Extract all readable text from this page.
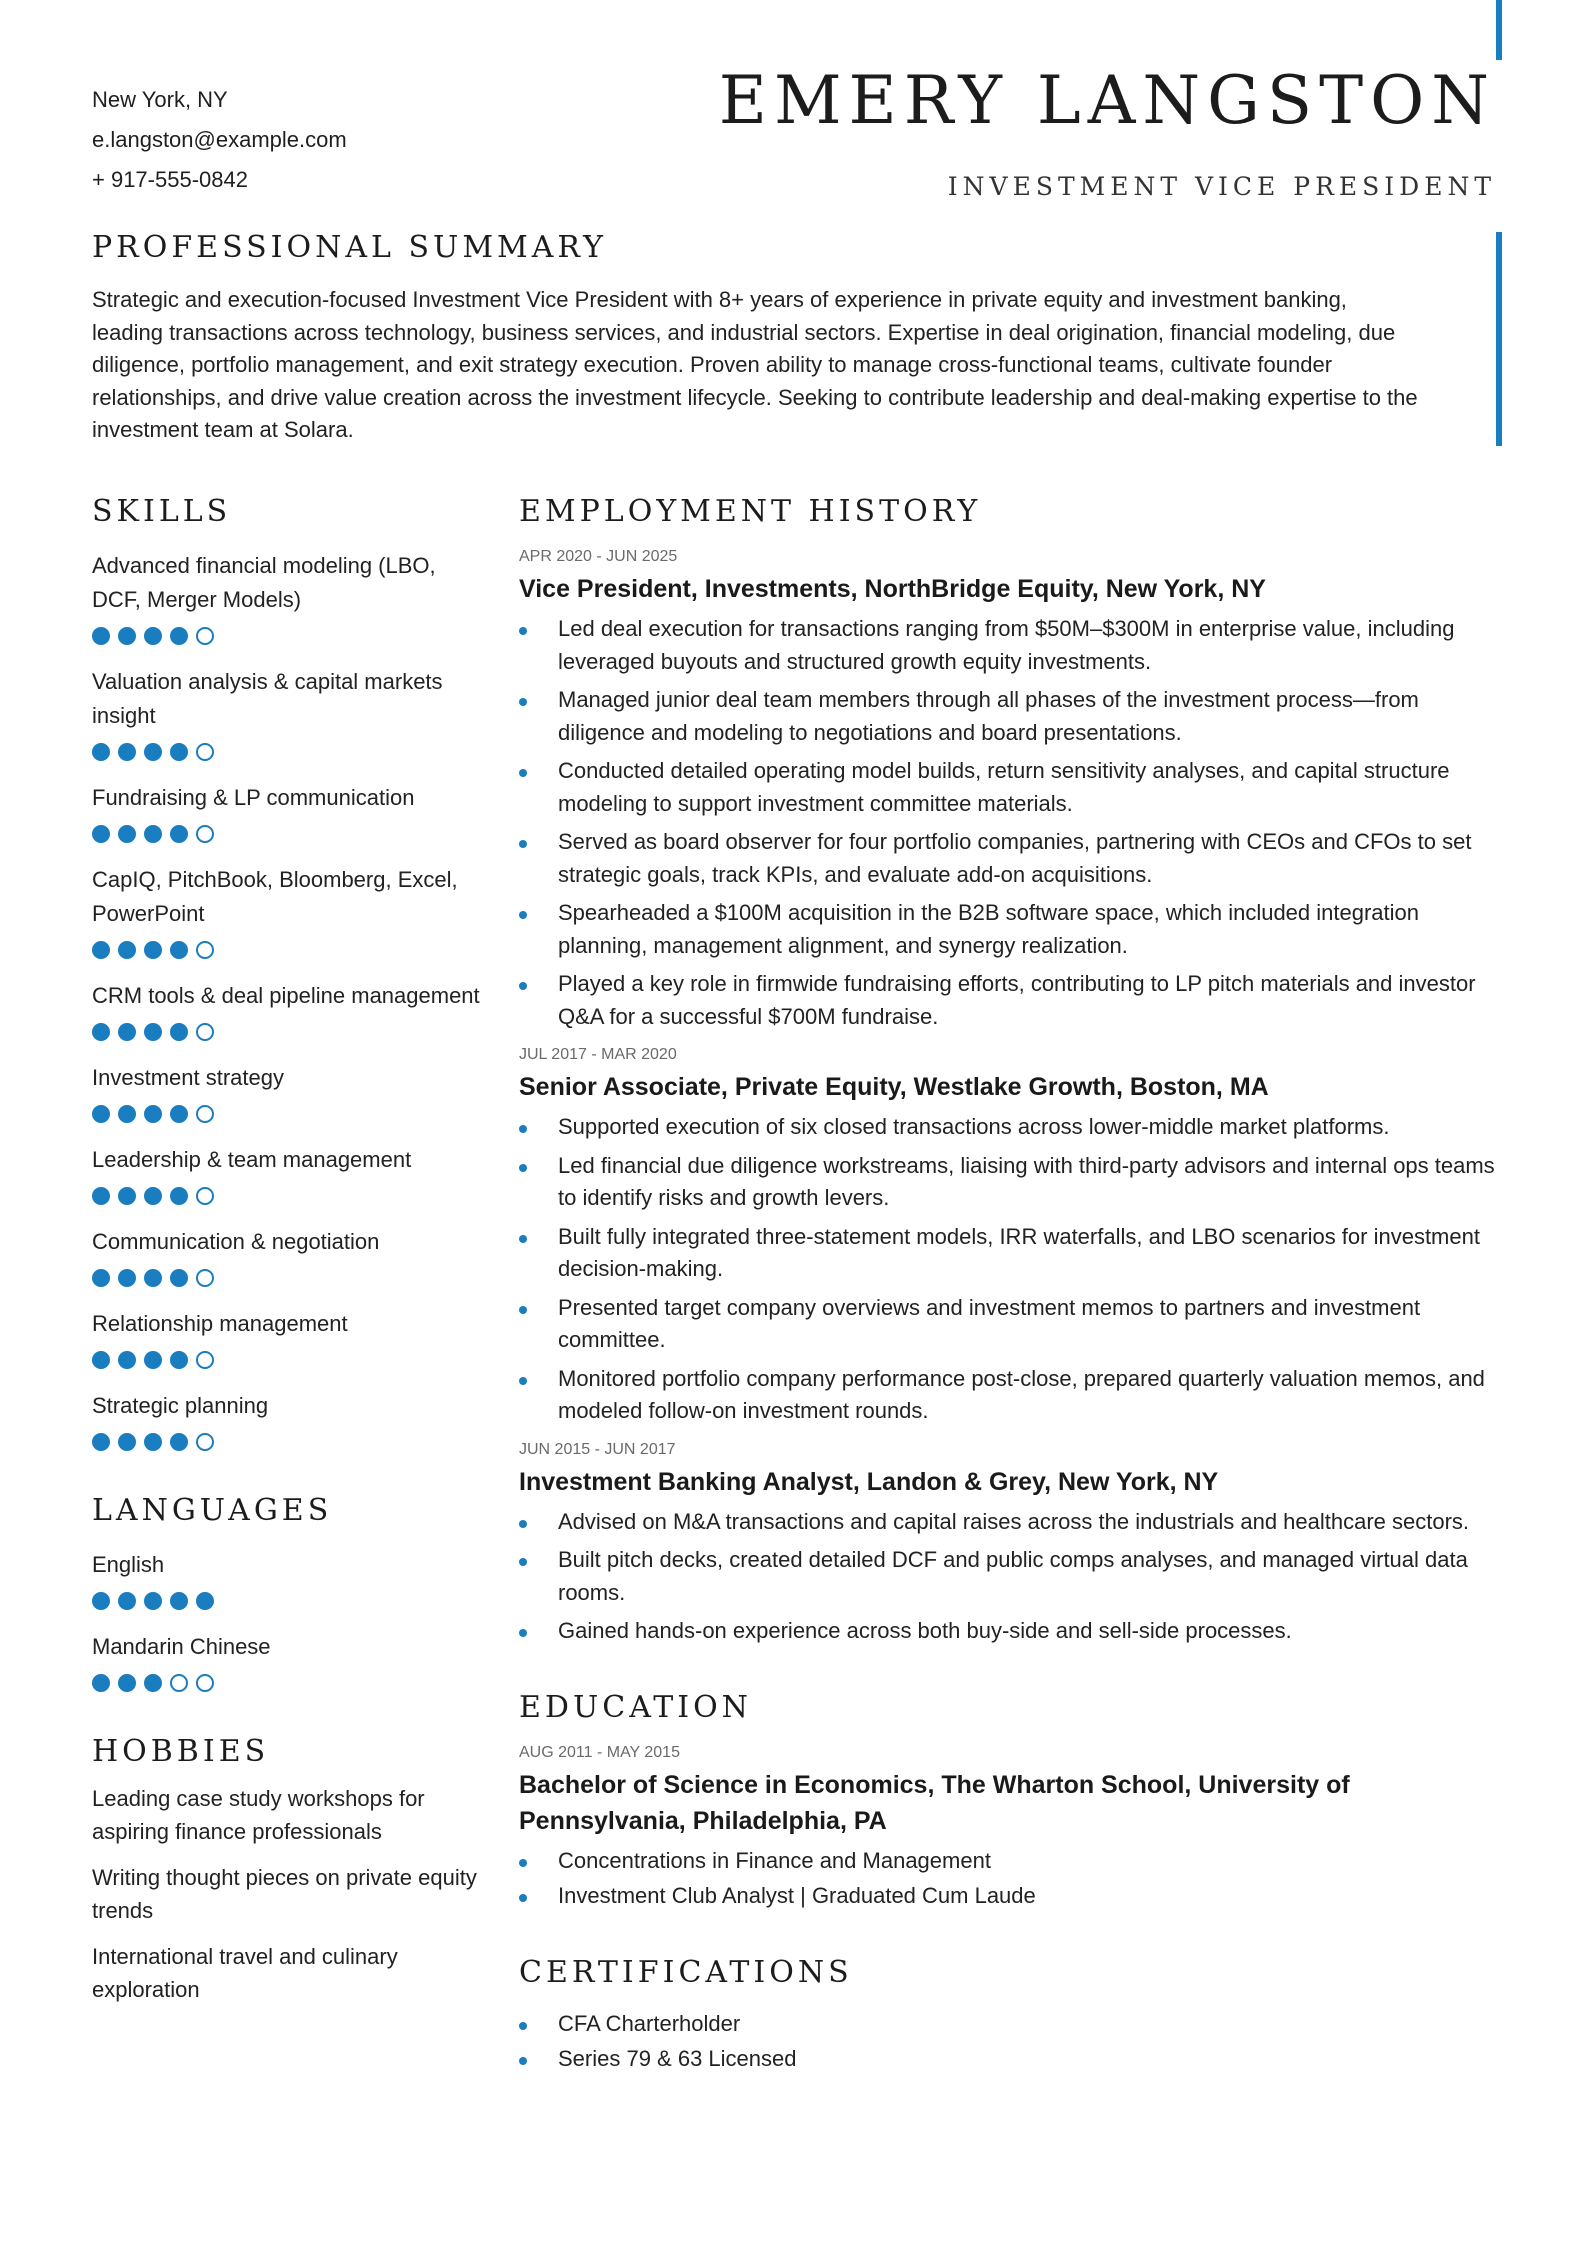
New York, NY
e.langston@example.com
+ 917-555-0842
EMERY LANGSTON
INVESTMENT VICE PRESIDENT
PROFESSIONAL SUMMARY
Strategic and execution-focused Investment Vice President with 8+ years of experience in private equity and investment banking, leading transactions across technology, business services, and industrial sectors. Expertise in deal origination, financial modeling, due diligence, portfolio management, and exit strategy execution. Proven ability to manage cross-functional teams, cultivate founder relationships, and drive value creation across the investment lifecycle. Seeking to contribute leadership and deal-making expertise to the investment team at Solara.
SKILLS
Advanced financial modeling (LBO, DCF, Merger Models)
Valuation analysis & capital markets insight
Fundraising & LP communication
CapIQ, PitchBook, Bloomberg, Excel, PowerPoint
CRM tools & deal pipeline management
Investment strategy
Leadership & team management
Communication & negotiation
Relationship management
Strategic planning
LANGUAGES
English
Mandarin Chinese
HOBBIES
Leading case study workshops for aspiring finance professionals
Writing thought pieces on private equity trends
International travel and culinary exploration
EMPLOYMENT HISTORY
APR 2020 - JUN 2025
Vice President, Investments, NorthBridge Equity, New York, NY
Led deal execution for transactions ranging from $50M–$300M in enterprise value, including leveraged buyouts and structured growth equity investments.
Managed junior deal team members through all phases of the investment process—from diligence and modeling to negotiations and board presentations.
Conducted detailed operating model builds, return sensitivity analyses, and capital structure modeling to support investment committee materials.
Served as board observer for four portfolio companies, partnering with CEOs and CFOs to set strategic goals, track KPIs, and evaluate add-on acquisitions.
Spearheaded a $100M acquisition in the B2B software space, which included integration planning, management alignment, and synergy realization.
Played a key role in firmwide fundraising efforts, contributing to LP pitch materials and investor Q&A for a successful $700M fundraise.
JUL 2017 - MAR 2020
Senior Associate, Private Equity, Westlake Growth, Boston, MA
Supported execution of six closed transactions across lower-middle market platforms.
Led financial due diligence workstreams, liaising with third-party advisors and internal ops teams to identify risks and growth levers.
Built fully integrated three-statement models, IRR waterfalls, and LBO scenarios for investment decision-making.
Presented target company overviews and investment memos to partners and investment committee.
Monitored portfolio company performance post-close, prepared quarterly valuation memos, and modeled follow-on investment rounds.
JUN 2015 - JUN 2017
Investment Banking Analyst, Landon & Grey, New York, NY
Advised on M&A transactions and capital raises across the industrials and healthcare sectors.
Built pitch decks, created detailed DCF and public comps analyses, and managed virtual data rooms.
Gained hands-on experience across both buy-side and sell-side processes.
EDUCATION
AUG 2011 - MAY 2015
Bachelor of Science in Economics, The Wharton School, University of Pennsylvania, Philadelphia, PA
Concentrations in Finance and Management
Investment Club Analyst | Graduated Cum Laude
CERTIFICATIONS
CFA Charterholder
Series 79 & 63 Licensed
